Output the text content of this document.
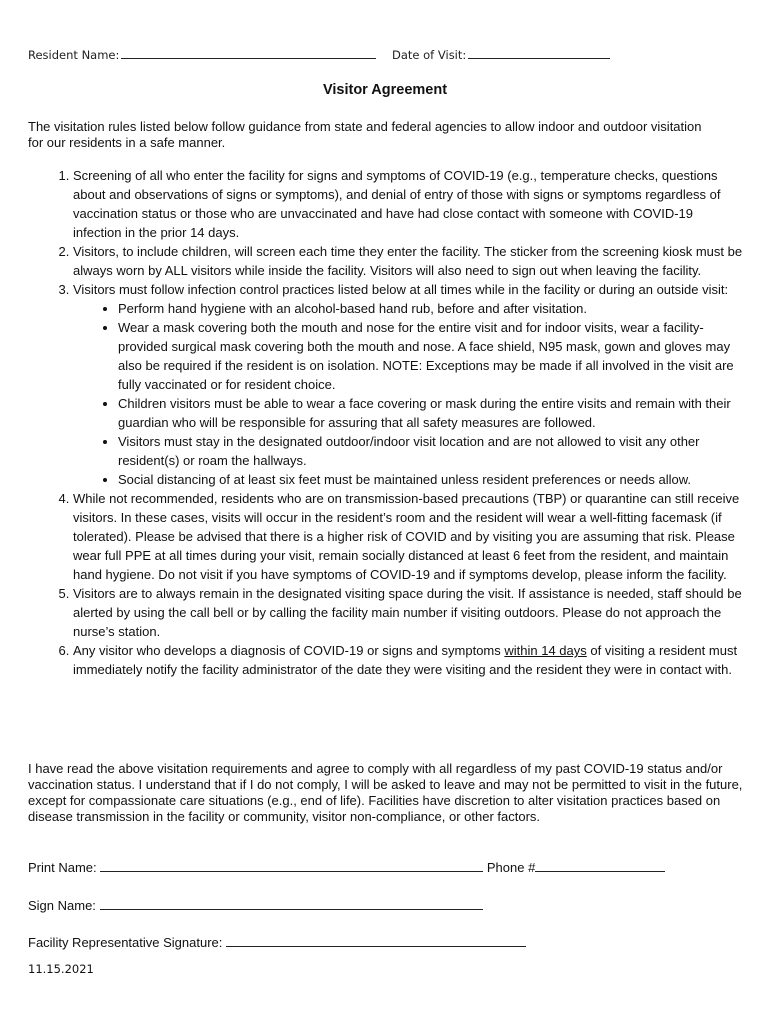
Resident Name:	Date of Visit:
Visitor Agreement
The visitation rules listed below follow guidance from state and federal agencies to allow indoor and outdoor visitation for our residents in a safe manner.
1. Screening of all who enter the facility for signs and symptoms of COVID-19 (e.g., temperature checks, questions about and observations of signs or symptoms), and denial of entry of those with signs or symptoms regardless of vaccination status or those who are unvaccinated and have had close contact with someone with COVID-19 infection in the prior 14 days.
2. Visitors, to include children, will screen each time they enter the facility. The sticker from the screening kiosk must be always worn by ALL visitors while inside the facility. Visitors will also need to sign out when leaving the facility.
3. Visitors must follow infection control practices listed below at all times while in the facility or during an outside visit:
• Perform hand hygiene with an alcohol-based hand rub, before and after visitation.
• Wear a mask covering both the mouth and nose for the entire visit and for indoor visits, wear a facility-provided surgical mask covering both the mouth and nose. A face shield, N95 mask, gown and gloves may also be required if the resident is on isolation. NOTE: Exceptions may be made if all involved in the visit are fully vaccinated or for resident choice.
• Children visitors must be able to wear a face covering or mask during the entire visits and remain with their guardian who will be responsible for assuring that all safety measures are followed.
• Visitors must stay in the designated outdoor/indoor visit location and are not allowed to visit any other resident(s) or roam the hallways.
• Social distancing of at least six feet must be maintained unless resident preferences or needs allow.
4. While not recommended, residents who are on transmission-based precautions (TBP) or quarantine can still receive visitors. In these cases, visits will occur in the resident’s room and the resident will wear a well-fitting facemask (if tolerated). Please be advised that there is a higher risk of COVID and by visiting you are assuming that risk. Please wear full PPE at all times during your visit, remain socially distanced at least 6 feet from the resident, and maintain hand hygiene. Do not visit if you have symptoms of COVID-19 and if symptoms develop, please inform the facility.
5. Visitors are to always remain in the designated visiting space during the visit. If assistance is needed, staff should be alerted by using the call bell or by calling the facility main number if visiting outdoors. Please do not approach the nurse’s station.
6. Any visitor who develops a diagnosis of COVID-19 or signs and symptoms within 14 days of visiting a resident must immediately notify the facility administrator of the date they were visiting and the resident they were in contact with.
I have read the above visitation requirements and agree to comply with all regardless of my past COVID-19 status and/or vaccination status. I understand that if I do not comply, I will be asked to leave and may not be permitted to visit in the future, except for compassionate care situations (e.g., end of life). Facilities have discretion to alter visitation practices based on disease transmission in the facility or community, visitor non-compliance, or other factors.
Print Name:	Phone #
Sign Name:
Facility Representative Signature:
11.15.2021
